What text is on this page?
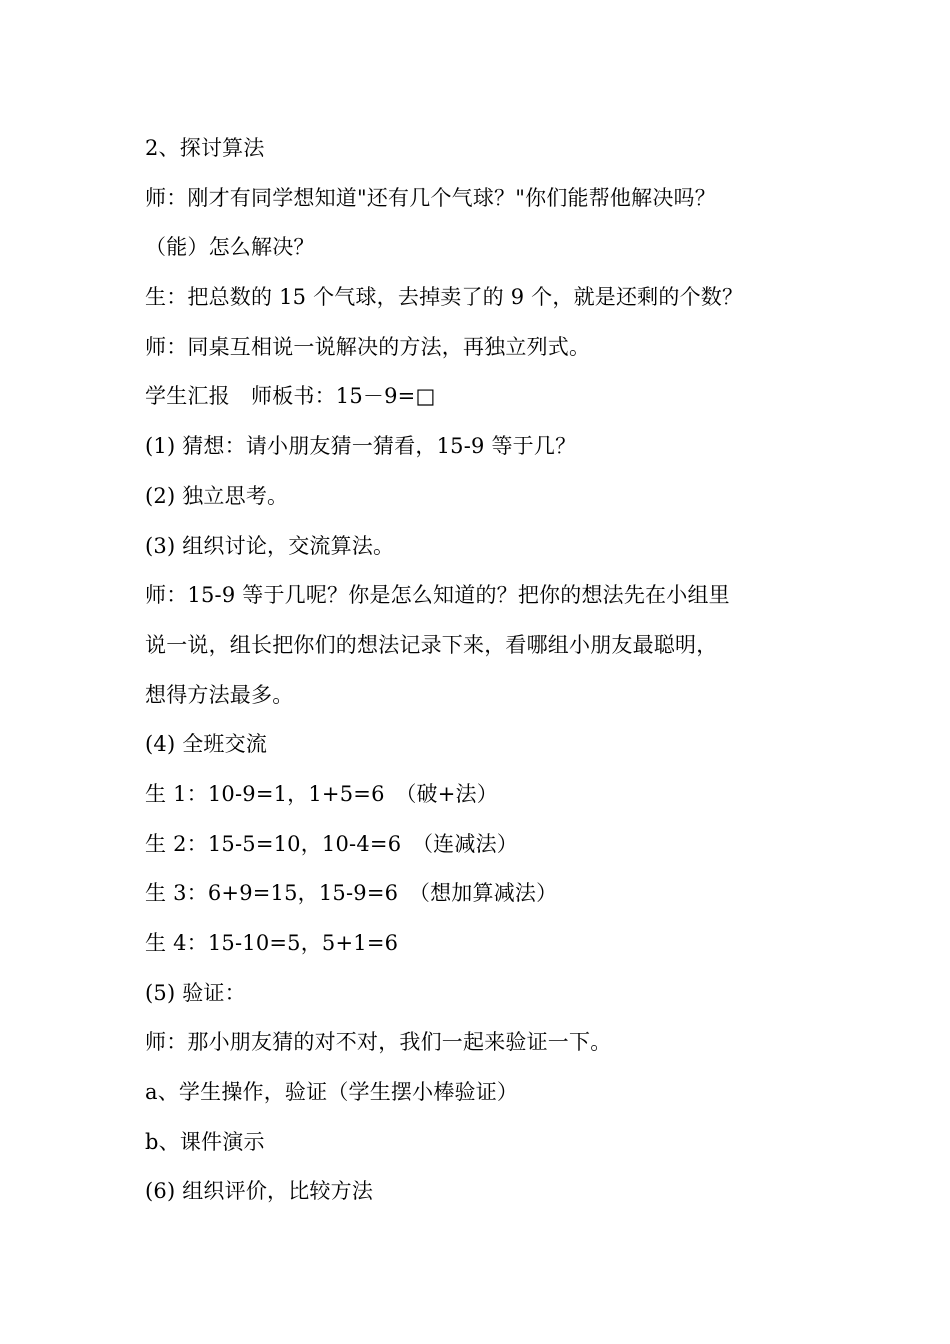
2、探讨算法
师：刚才有同学想知道"还有几个气球？"你们能帮他解决吗？
（能）怎么解决？
生：把总数的 15 个气球，去掉卖了的 9 个，就是还剩的个数？
师：同桌互相说一说解决的方法，再独立列式。
学生汇报　师板书：15－9=□
(1) 猜想：请小朋友猜一猜看，15-9 等于几？
(2) 独立思考。
(3) 组织讨论，交流算法。
师：15-9 等于几呢？你是怎么知道的？把你的想法先在小组里
说一说，组长把你们的想法记录下来，看哪组小朋友最聪明，
想得方法最多。
(4) 全班交流
生 1：10-9=1，1+5=6　（破+法）
生 2：15-5=10，10-4=6　（连减法）
生 3：6+9=15，15-9=6　（想加算减法）
生 4：15-10=5，5+1=6
(5) 验证：
师：那小朋友猜的对不对，我们一起来验证一下。
a、学生操作，验证（学生摆小棒验证）
b、课件演示
(6) 组织评价，比较方法
